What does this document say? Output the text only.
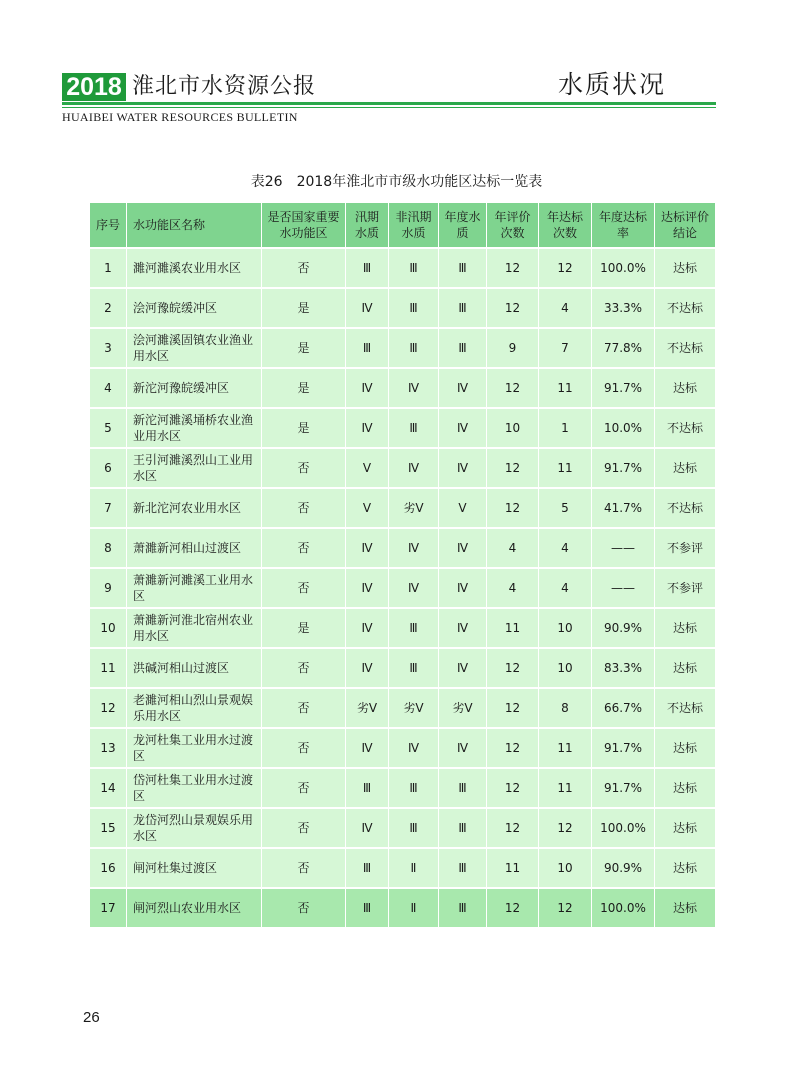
2018 淮北市水资源公报	水质状况
HUAIBEI WATER RESOURCES BULLETIN
表26　2018年淮北市市级水功能区达标一览表
序号	水功能区名称	是否国家重要水功能区	汛期水质	非汛期水质	年度水质	年评价次数	年达标次数	年度达标率	达标评价结论
1	濉河濉溪农业用水区	否	Ⅲ	Ⅲ	Ⅲ	12	12	100.0%	达标
2	浍河豫皖缓冲区	是	Ⅳ	Ⅲ	Ⅲ	12	4	33.3%	不达标
3	浍河濉溪固镇农业渔业用水区	是	Ⅲ	Ⅲ	Ⅲ	9	7	77.8%	不达标
4	新沱河豫皖缓冲区	是	Ⅳ	Ⅳ	Ⅳ	12	11	91.7%	达标
5	新沱河濉溪埇桥农业渔业用水区	是	Ⅳ	Ⅲ	Ⅳ	10	1	10.0%	不达标
6	王引河濉溪烈山工业用水区	否	Ⅴ	Ⅳ	Ⅳ	12	11	91.7%	达标
7	新北沱河农业用水区	否	Ⅴ	劣Ⅴ	Ⅴ	12	5	41.7%	不达标
8	萧濉新河相山过渡区	否	Ⅳ	Ⅳ	Ⅳ	4	4	——	不参评
9	萧濉新河濉溪工业用水区	否	Ⅳ	Ⅳ	Ⅳ	4	4	——	不参评
10	萧濉新河淮北宿州农业用水区	是	Ⅳ	Ⅲ	Ⅳ	11	10	90.9%	达标
11	洪碱河相山过渡区	否	Ⅳ	Ⅲ	Ⅳ	12	10	83.3%	达标
12	老濉河相山烈山景观娱乐用水区	否	劣Ⅴ	劣Ⅴ	劣Ⅴ	12	8	66.7%	不达标
13	龙河杜集工业用水过渡区	否	Ⅳ	Ⅳ	Ⅳ	12	11	91.7%	达标
14	岱河杜集工业用水过渡区	否	Ⅲ	Ⅲ	Ⅲ	12	11	91.7%	达标
15	龙岱河烈山景观娱乐用水区	否	Ⅳ	Ⅲ	Ⅲ	12	12	100.0%	达标
16	闸河杜集过渡区	否	Ⅲ	Ⅱ	Ⅲ	11	10	90.9%	达标
17	闸河烈山农业用水区	否	Ⅲ	Ⅱ	Ⅲ	12	12	100.0%	达标
26
